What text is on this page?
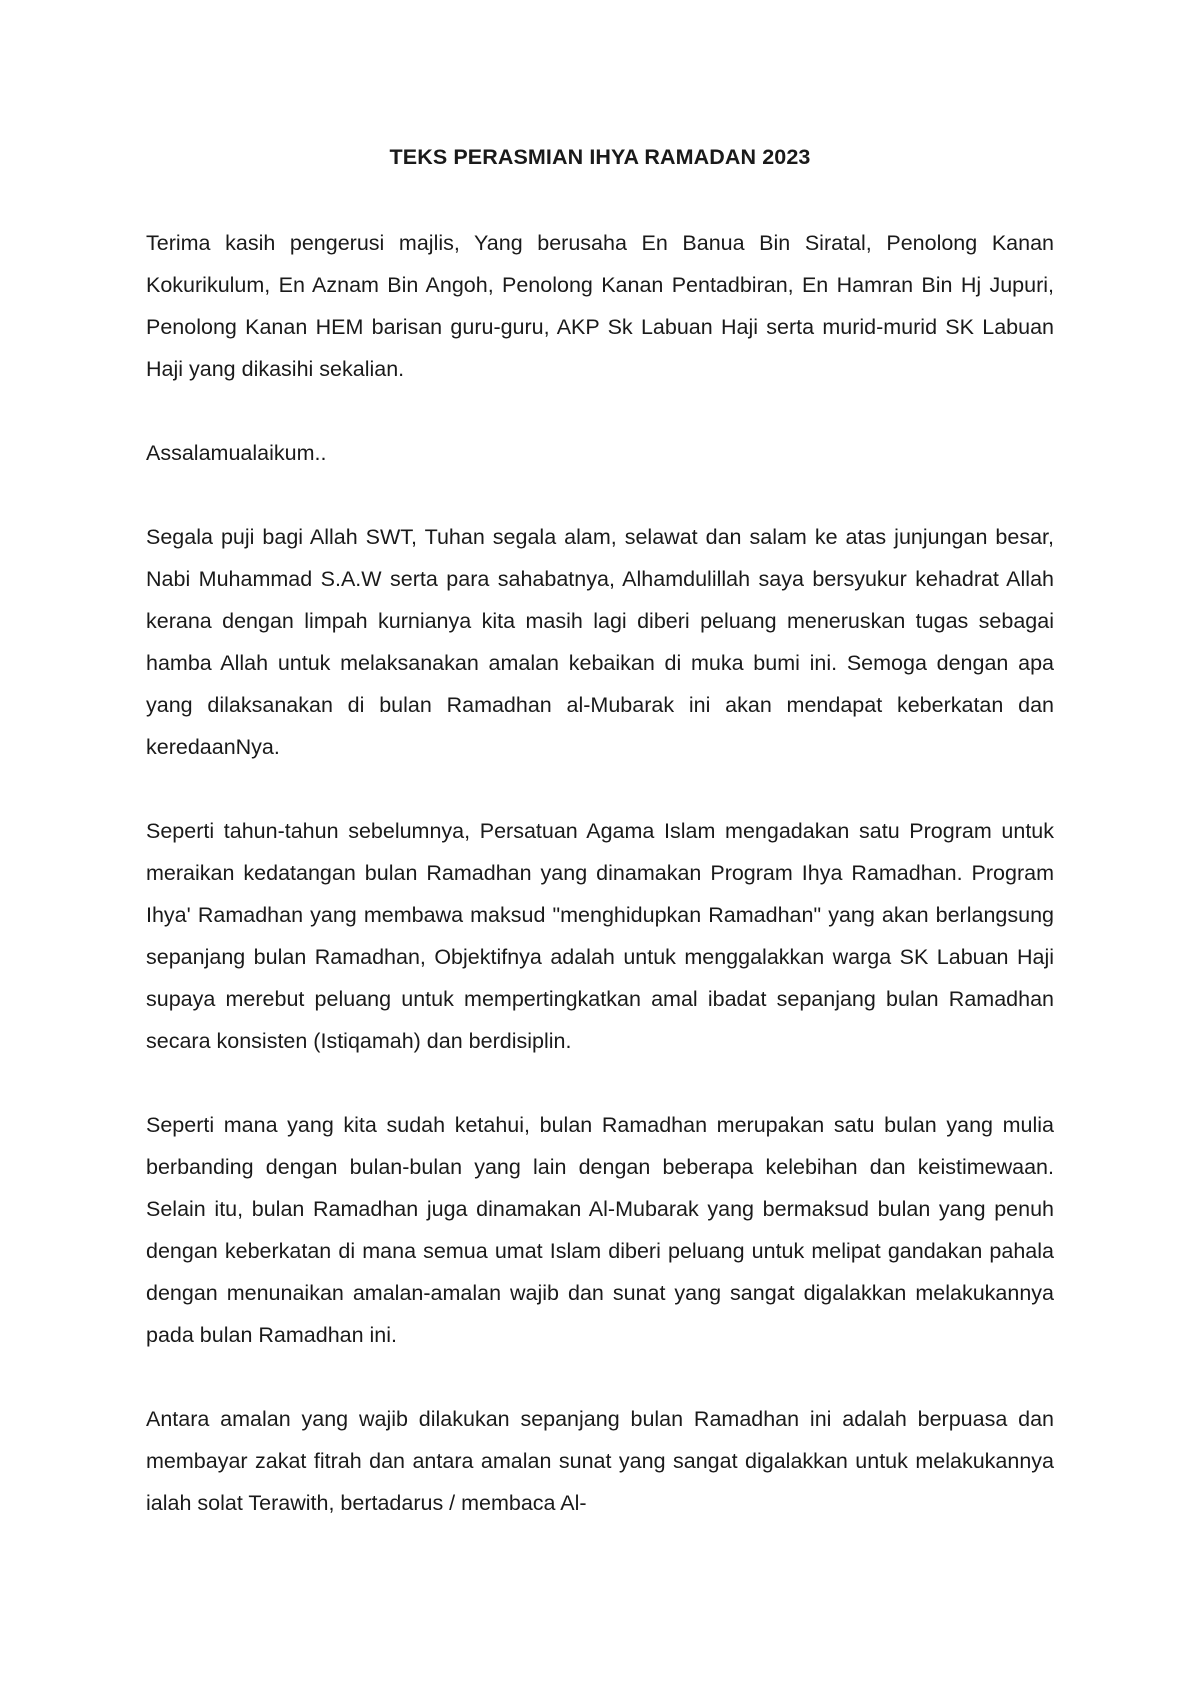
TEKS PERASMIAN IHYA RAMADAN 2023

Terima kasih pengerusi majlis, Yang berusaha En Banua Bin Siratal, Penolong Kanan Kokurikulum, En Aznam Bin Angoh, Penolong Kanan Pentadbiran, En Hamran Bin Hj Jupuri, Penolong Kanan HEM barisan guru-guru, AKP Sk Labuan Haji serta murid-murid SK Labuan Haji yang dikasihi sekalian.

Assalamualaikum..

Segala puji bagi Allah SWT, Tuhan segala alam, selawat dan salam ke atas junjungan besar, Nabi Muhammad S.A.W serta para sahabatnya, Alhamdulillah saya bersyukur kehadrat Allah kerana dengan limpah kurnianya kita masih lagi diberi peluang meneruskan tugas sebagai hamba Allah untuk melaksanakan amalan kebaikan di muka bumi ini. Semoga dengan apa yang dilaksanakan di bulan Ramadhan al-Mubarak ini akan mendapat keberkatan dan keredaanNya.

Seperti tahun-tahun sebelumnya, Persatuan Agama Islam mengadakan satu Program untuk meraikan kedatangan bulan Ramadhan yang dinamakan Program Ihya Ramadhan. Program Ihya' Ramadhan yang membawa maksud "menghidupkan Ramadhan" yang akan berlangsung sepanjang bulan Ramadhan, Objektifnya adalah untuk menggalakkan warga SK Labuan Haji supaya merebut peluang untuk mempertingkatkan amal ibadat sepanjang bulan Ramadhan secara konsisten (Istiqamah) dan berdisiplin.

Seperti mana yang kita sudah ketahui, bulan Ramadhan merupakan satu bulan yang mulia berbanding dengan bulan-bulan yang lain dengan beberapa kelebihan dan keistimewaan. Selain itu, bulan Ramadhan juga dinamakan Al-Mubarak yang bermaksud bulan yang penuh dengan keberkatan di mana semua umat Islam diberi peluang untuk melipat gandakan pahala dengan menunaikan amalan-amalan wajib dan sunat yang sangat digalakkan melakukannya pada bulan Ramadhan ini.

Antara amalan yang wajib dilakukan sepanjang bulan Ramadhan ini adalah berpuasa dan membayar zakat fitrah dan antara amalan sunat yang sangat digalakkan untuk melakukannya ialah solat Terawith, bertadarus / membaca Al-
